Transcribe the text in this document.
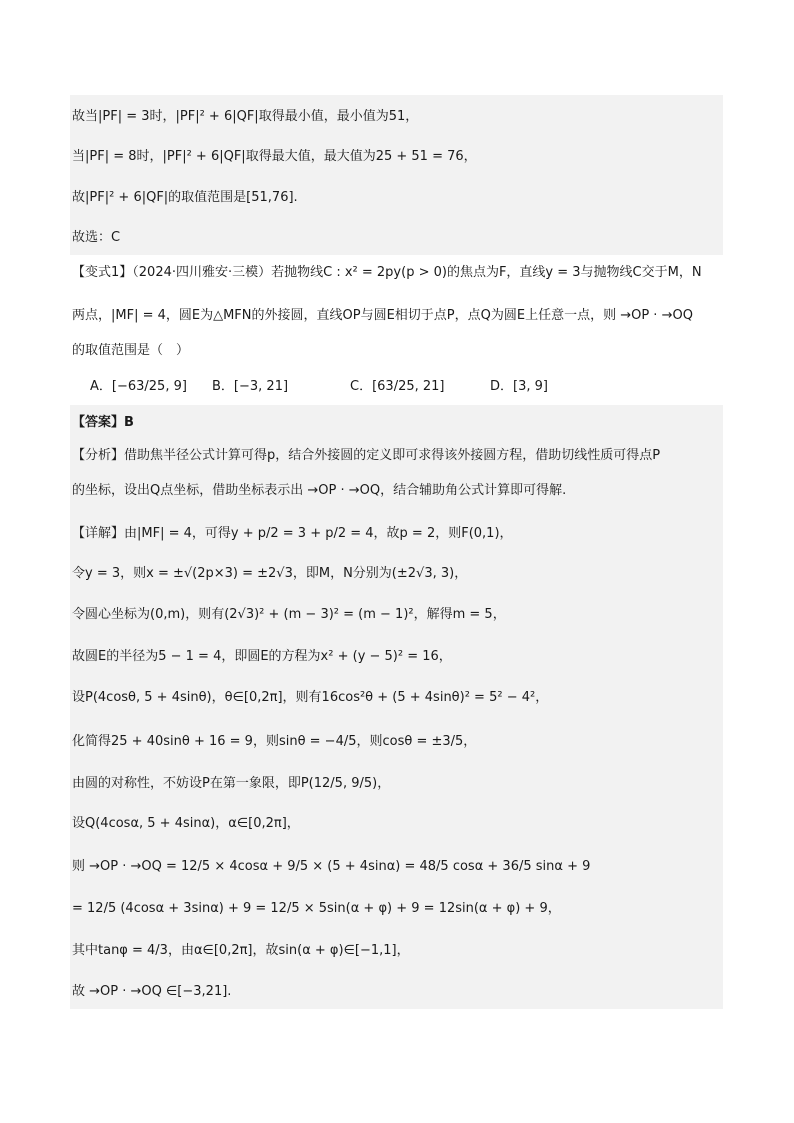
故当|PF| = 3时，|PF|² + 6|QF|取得最小值，最小值为51，
当|PF| = 8时，|PF|² + 6|QF|取得最大值，最大值为25 + 51 = 76，
故|PF|² + 6|QF|的取值范围是[51,76].
故选：C
【变式1】（2024·四川雅安·三模）若抛物线C : x² = 2py(p > 0)的焦点为F，直线y = 3与抛物线C交于M，N
两点，|MF| = 4，圆E为△MFN的外接圆，直线OP与圆E相切于点P，点Q为圆E上任意一点，则 →OP · →OQ
的取值范围是（　）
A．[−63/25, 9] B．[−3, 21]	C．[63/25, 21]	D．[3, 9]
【答案】B
【分析】借助焦半径公式计算可得p，结合外接圆的定义即可求得该外接圆方程，借助切线性质可得点P
的坐标，设出Q点坐标，借助坐标表示出 →OP · →OQ，结合辅助角公式计算即可得解.
【详解】由|MF| = 4，可得y + p/2 = 3 + p/2 = 4，故p = 2，则F(0,1)，
令y = 3，则x = ±√(2p×3) = ±2√3，即M，N分别为(±2√3, 3)，
令圆心坐标为(0,m)，则有(2√3)² + (m − 3)² = (m − 1)²，解得m = 5，
故圆E的半径为5 − 1 = 4，即圆E的方程为x² + (y − 5)² = 16，
设P(4cosθ, 5 + 4sinθ)，θ∈[0,2π]，则有16cos²θ + (5 + 4sinθ)² = 5² − 4²，
化简得25 + 40sinθ + 16 = 9，则sinθ = −4/5，则cosθ = ±3/5，
由圆的对称性，不妨设P在第一象限，即P(12/5, 9/5)，
设Q(4cosα, 5 + 4sinα)，α∈[0,2π]，
则 →OP · →OQ = 12/5 × 4cosα + 9/5 × (5 + 4sinα) = 48/5 cosα + 36/5 sinα + 9
= 12/5 (4cosα + 3sinα) + 9 = 12/5 × 5sin(α + φ) + 9 = 12sin(α + φ) + 9，
其中tanφ = 4/3，由α∈[0,2π]，故sin(α + φ)∈[−1,1]，
故 →OP · →OQ ∈[−3,21].
